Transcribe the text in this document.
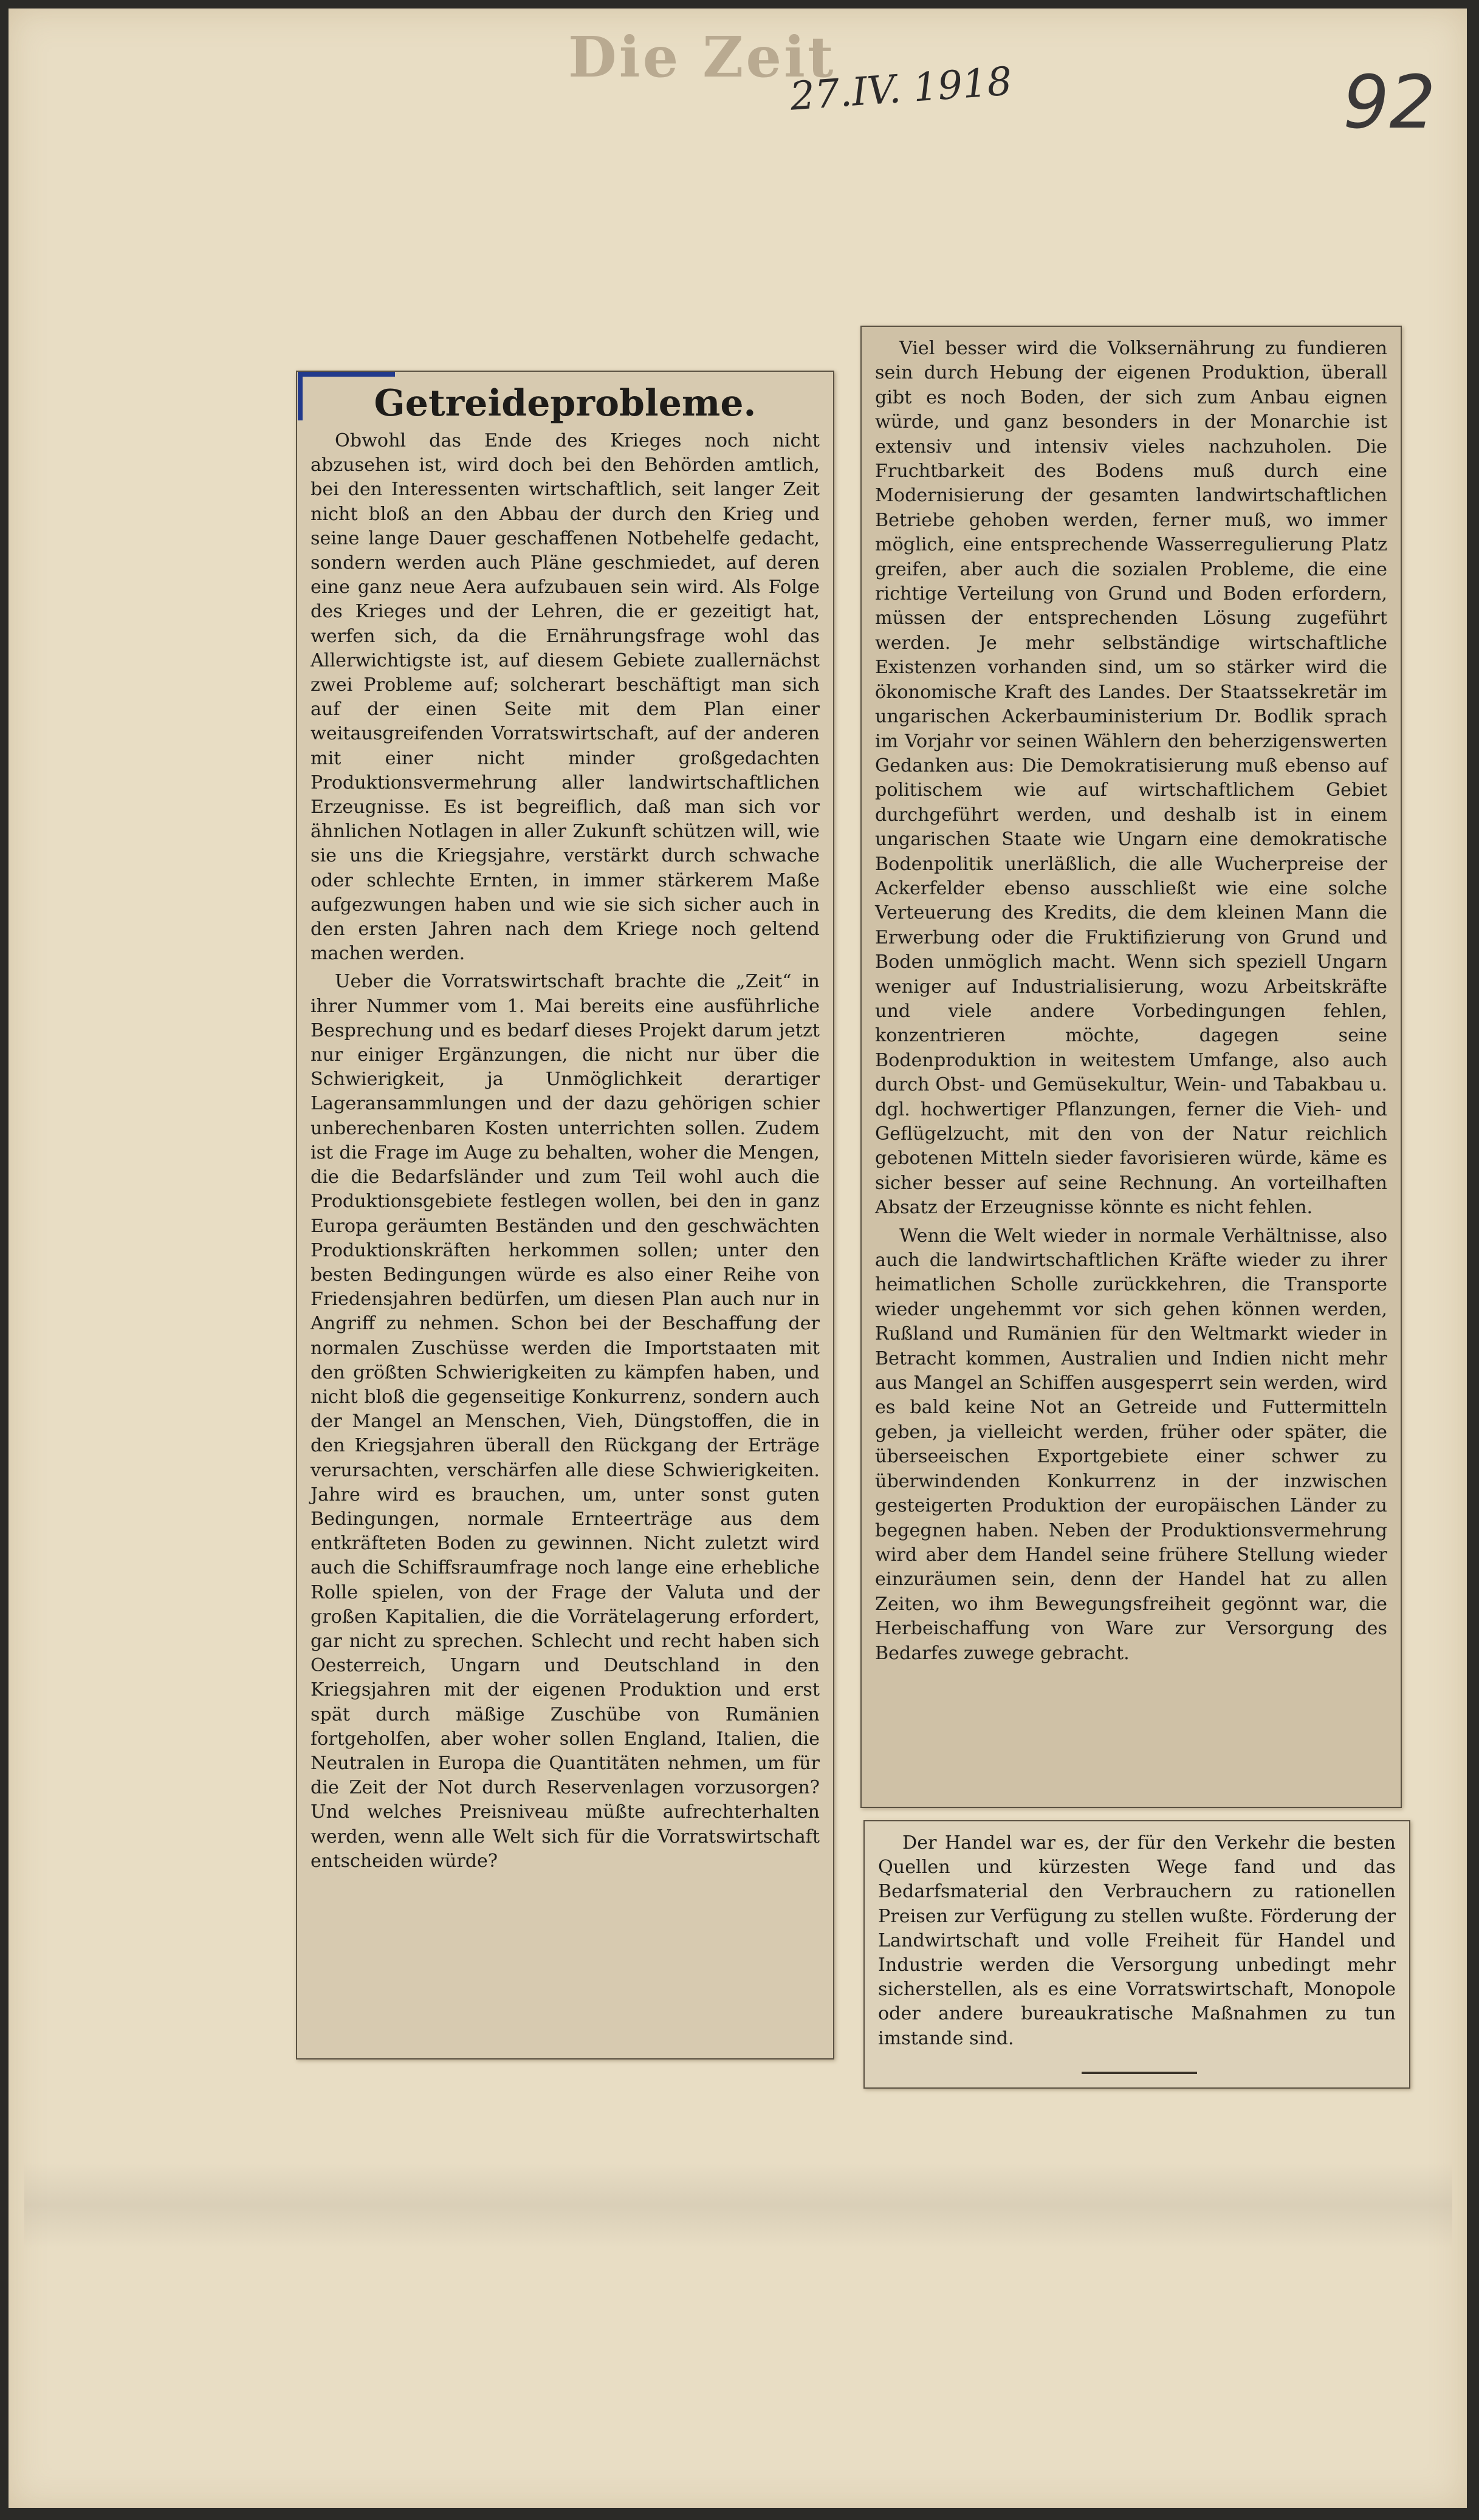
Die Zeit
27.IV. 1918	92

Getreideprobleme.

Obwohl das Ende des Krieges noch nicht abzusehen ist, wird doch bei den Behörden amtlich, bei den Interessenten wirtschaftlich, seit langer Zeit nicht bloß an den Abbau der durch den Krieg und seine lange Dauer geschaffenen Notbehelfe gedacht, sondern werden auch Pläne geschmiedet, auf deren eine ganz neue Aera aufzubauen sein wird. Als Folge des Krieges und der Lehren, die er gezeitigt hat, werfen sich, da die Ernährungsfrage wohl das Allerwichtigste ist, auf diesem Gebiete zuallernächst zwei Probleme auf; solcherart beschäftigt man sich auf der einen Seite mit dem Plan einer weitausgreifenden Vorratswirtschaft, auf der anderen mit einer nicht minder großgedachten Produktionsvermehrung aller landwirtschaftlichen Erzeugnisse. Es ist begreiflich, daß man sich vor ähnlichen Notlagen in aller Zukunft schützen will, wie sie uns die Kriegsjahre, verstärkt durch schwache oder schlechte Ernten, in immer stärkerem Maße aufgezwungen haben und wie sie sich sicher auch in den ersten Jahren nach dem Kriege noch geltend machen werden.

Ueber die Vorratswirtschaft brachte die „Zeit“ in ihrer Nummer vom 1. Mai bereits eine ausführliche Besprechung und es bedarf dieses Projekt darum jetzt nur einiger Ergänzungen, die nicht nur über die Schwierigkeit, ja Unmöglichkeit derartiger Lageransammlungen und der dazu gehörigen schier unberechenbaren Kosten unterrichten sollen. Zudem ist die Frage im Auge zu behalten, woher die Mengen, die die Bedarfsländer und zum Teil wohl auch die Produktionsgebiete festlegen wollen, bei den in ganz Europa geräumten Beständen und den geschwächten Produktionskräften herkommen sollen; unter den besten Bedingungen würde es also einer Reihe von Friedensjahren bedürfen, um diesen Plan auch nur in Angriff zu nehmen. Schon bei der Beschaffung der normalen Zuschüsse werden die Importstaaten mit den größten Schwierigkeiten zu kämpfen haben, und nicht bloß die gegenseitige Konkurrenz, sondern auch der Mangel an Menschen, Vieh, Düngstoffen, die in den Kriegsjahren überall den Rückgang der Erträge verursachten, verschärfen alle diese Schwierigkeiten. Jahre wird es brauchen, um, unter sonst guten Bedingungen, normale Ernteerträge aus dem entkräfteten Boden zu gewinnen. Nicht zuletzt wird auch die Schiffsraumfrage noch lange eine erhebliche Rolle spielen, von der Frage der Valuta und der großen Kapitalien, die die Vorrätelagerung erfordert, gar nicht zu sprechen. Schlecht und recht haben sich Oesterreich, Ungarn und Deutschland in den Kriegsjahren mit der eigenen Produktion und erst spät durch mäßige Zuschübe von Rumänien fortgeholfen, aber woher sollen England, Italien, die Neutralen in Europa die Quantitäten nehmen, um für die Zeit der Not durch Reservenlagen vorzusorgen? Und welches Preisniveau müßte aufrechterhalten werden, wenn alle Welt sich für die Vorratswirtschaft entscheiden würde?

Viel besser wird die Volksernährung zu fundieren sein durch Hebung der eigenen Produktion, überall gibt es noch Boden, der sich zum Anbau eignen würde, und ganz besonders in der Monarchie ist extensiv und intensiv vieles nachzuholen. Die Fruchtbarkeit des Bodens muß durch eine Modernisierung der gesamten landwirtschaftlichen Betriebe gehoben werden, ferner muß, wo immer möglich, eine entsprechende Wasserregulierung Platz greifen, aber auch die sozialen Probleme, die eine richtige Verteilung von Grund und Boden erfordern, müssen der entsprechenden Lösung zugeführt werden. Je mehr selbständige wirtschaftliche Existenzen vorhanden sind, um so stärker wird die ökonomische Kraft des Landes. Der Staatssekretär im ungarischen Ackerbauministerium Dr. Bodlik sprach im Vorjahr vor seinen Wählern den beherzigenswerten Gedanken aus: Die Demokratisierung muß ebenso auf politischem wie auf wirtschaftlichem Gebiet durchgeführt werden, und deshalb ist in einem ungarischen Staate wie Ungarn eine demokratische Bodenpolitik unerläßlich, die alle Wucherpreise der Ackerfelder ebenso ausschließt wie eine solche Verteuerung des Kredits, die dem kleinen Mann die Erwerbung oder die Fruktifizierung von Grund und Boden unmöglich macht. Wenn sich speziell Ungarn weniger auf Industrialisierung, wozu Arbeitskräfte und viele andere Vorbedingungen fehlen, konzentrieren möchte, dagegen seine Bodenproduktion in weitestem Umfange, also auch durch Obst- und Gemüsekultur, Wein- und Tabakbau u. dgl. hochwertiger Pflanzungen, ferner die Vieh- und Geflügelzucht, mit den von der Natur reichlich gebotenen Mitteln sieder favorisieren würde, käme es sicher besser auf seine Rechnung. An vorteilhaften Absatz der Erzeugnisse könnte es nicht fehlen.

Wenn die Welt wieder in normale Verhältnisse, also auch die landwirtschaftlichen Kräfte wieder zu ihrer heimatlichen Scholle zurückkehren, die Transporte wieder ungehemmt vor sich gehen können werden, Rußland und Rumänien für den Weltmarkt wieder in Betracht kommen, Australien und Indien nicht mehr aus Mangel an Schiffen ausgesperrt sein werden, wird es bald keine Not an Getreide und Futtermitteln geben, ja vielleicht werden, früher oder später, die überseeischen Exportgebiete einer schwer zu überwindenden Konkurrenz in der inzwischen gesteigerten Produktion der europäischen Länder zu begegnen haben. Neben der Produktionsvermehrung wird aber dem Handel seine frühere Stellung wieder einzuräumen sein, denn der Handel hat zu allen Zeiten, wo ihm Bewegungsfreiheit gegönnt war, die Herbeischaffung von Ware zur Versorgung des Bedarfes zuwege gebracht.

Der Handel war es, der für den Verkehr die besten Quellen und kürzesten Wege fand und das Bedarfsmaterial den Verbrauchern zu rationellen Preisen zur Verfügung zu stellen wußte. Förderung der Landwirtschaft und volle Freiheit für Handel und Industrie werden die Versorgung unbedingt mehr sicherstellen, als es eine Vorratswirtschaft, Monopole oder andere bureaukratische Maßnahmen zu tun imstande sind.
